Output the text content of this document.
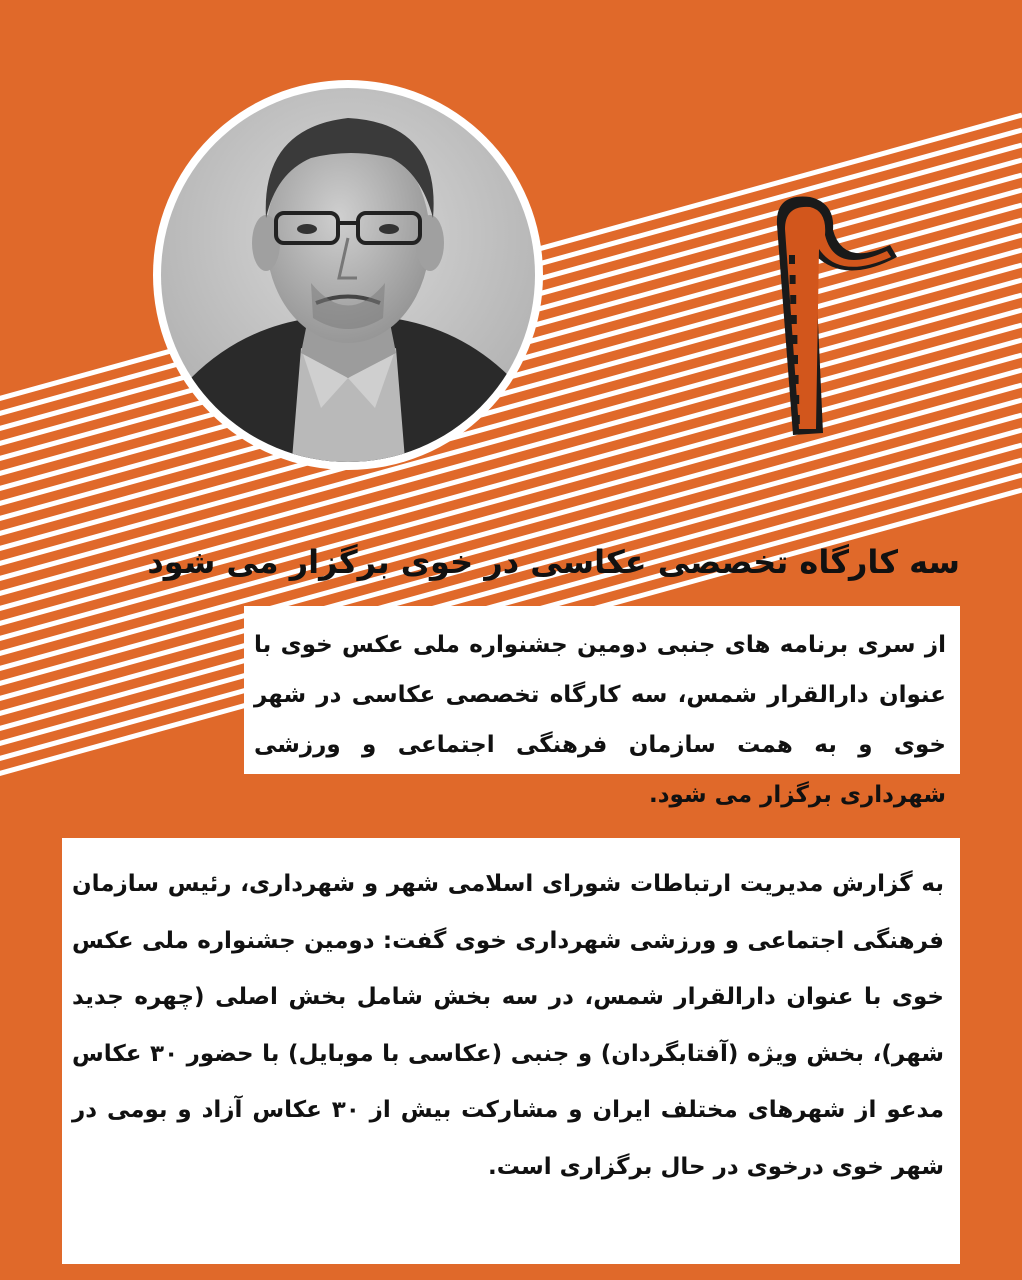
سه کارگاه تخصصی عکاسی در خوی برگزار می شود

از سری برنامه های جنبی دومین جشنواره ملی عکس خوی با عنوان دارالقرار شمس، سه کارگاه تخصصی عکاسی در شهر خوی و به همت سازمان فرهنگی اجتماعی و ورزشی شهرداری برگزار می شود.

به گزارش مدیریت ارتباطات شورای اسلامی شهر و شهرداری، رئیس سازمان فرهنگی اجتماعی و ورزشی شهرداری خوی گفت: دومین جشنواره ملی عکس خوی با عنوان دارالقرار شمس، در سه بخش شامل بخش اصلی (چهره جدید شهر)، بخش ویژه (آفتابگردان) و جنبی (عکاسی با موبایل) با حضور ۳۰ عکاس مدعو از شهرهای مختلف ایران و مشارکت بیش از ۳۰ عکاس آزاد و بومی در شهر خوی درخوی در حال برگزاری است.
